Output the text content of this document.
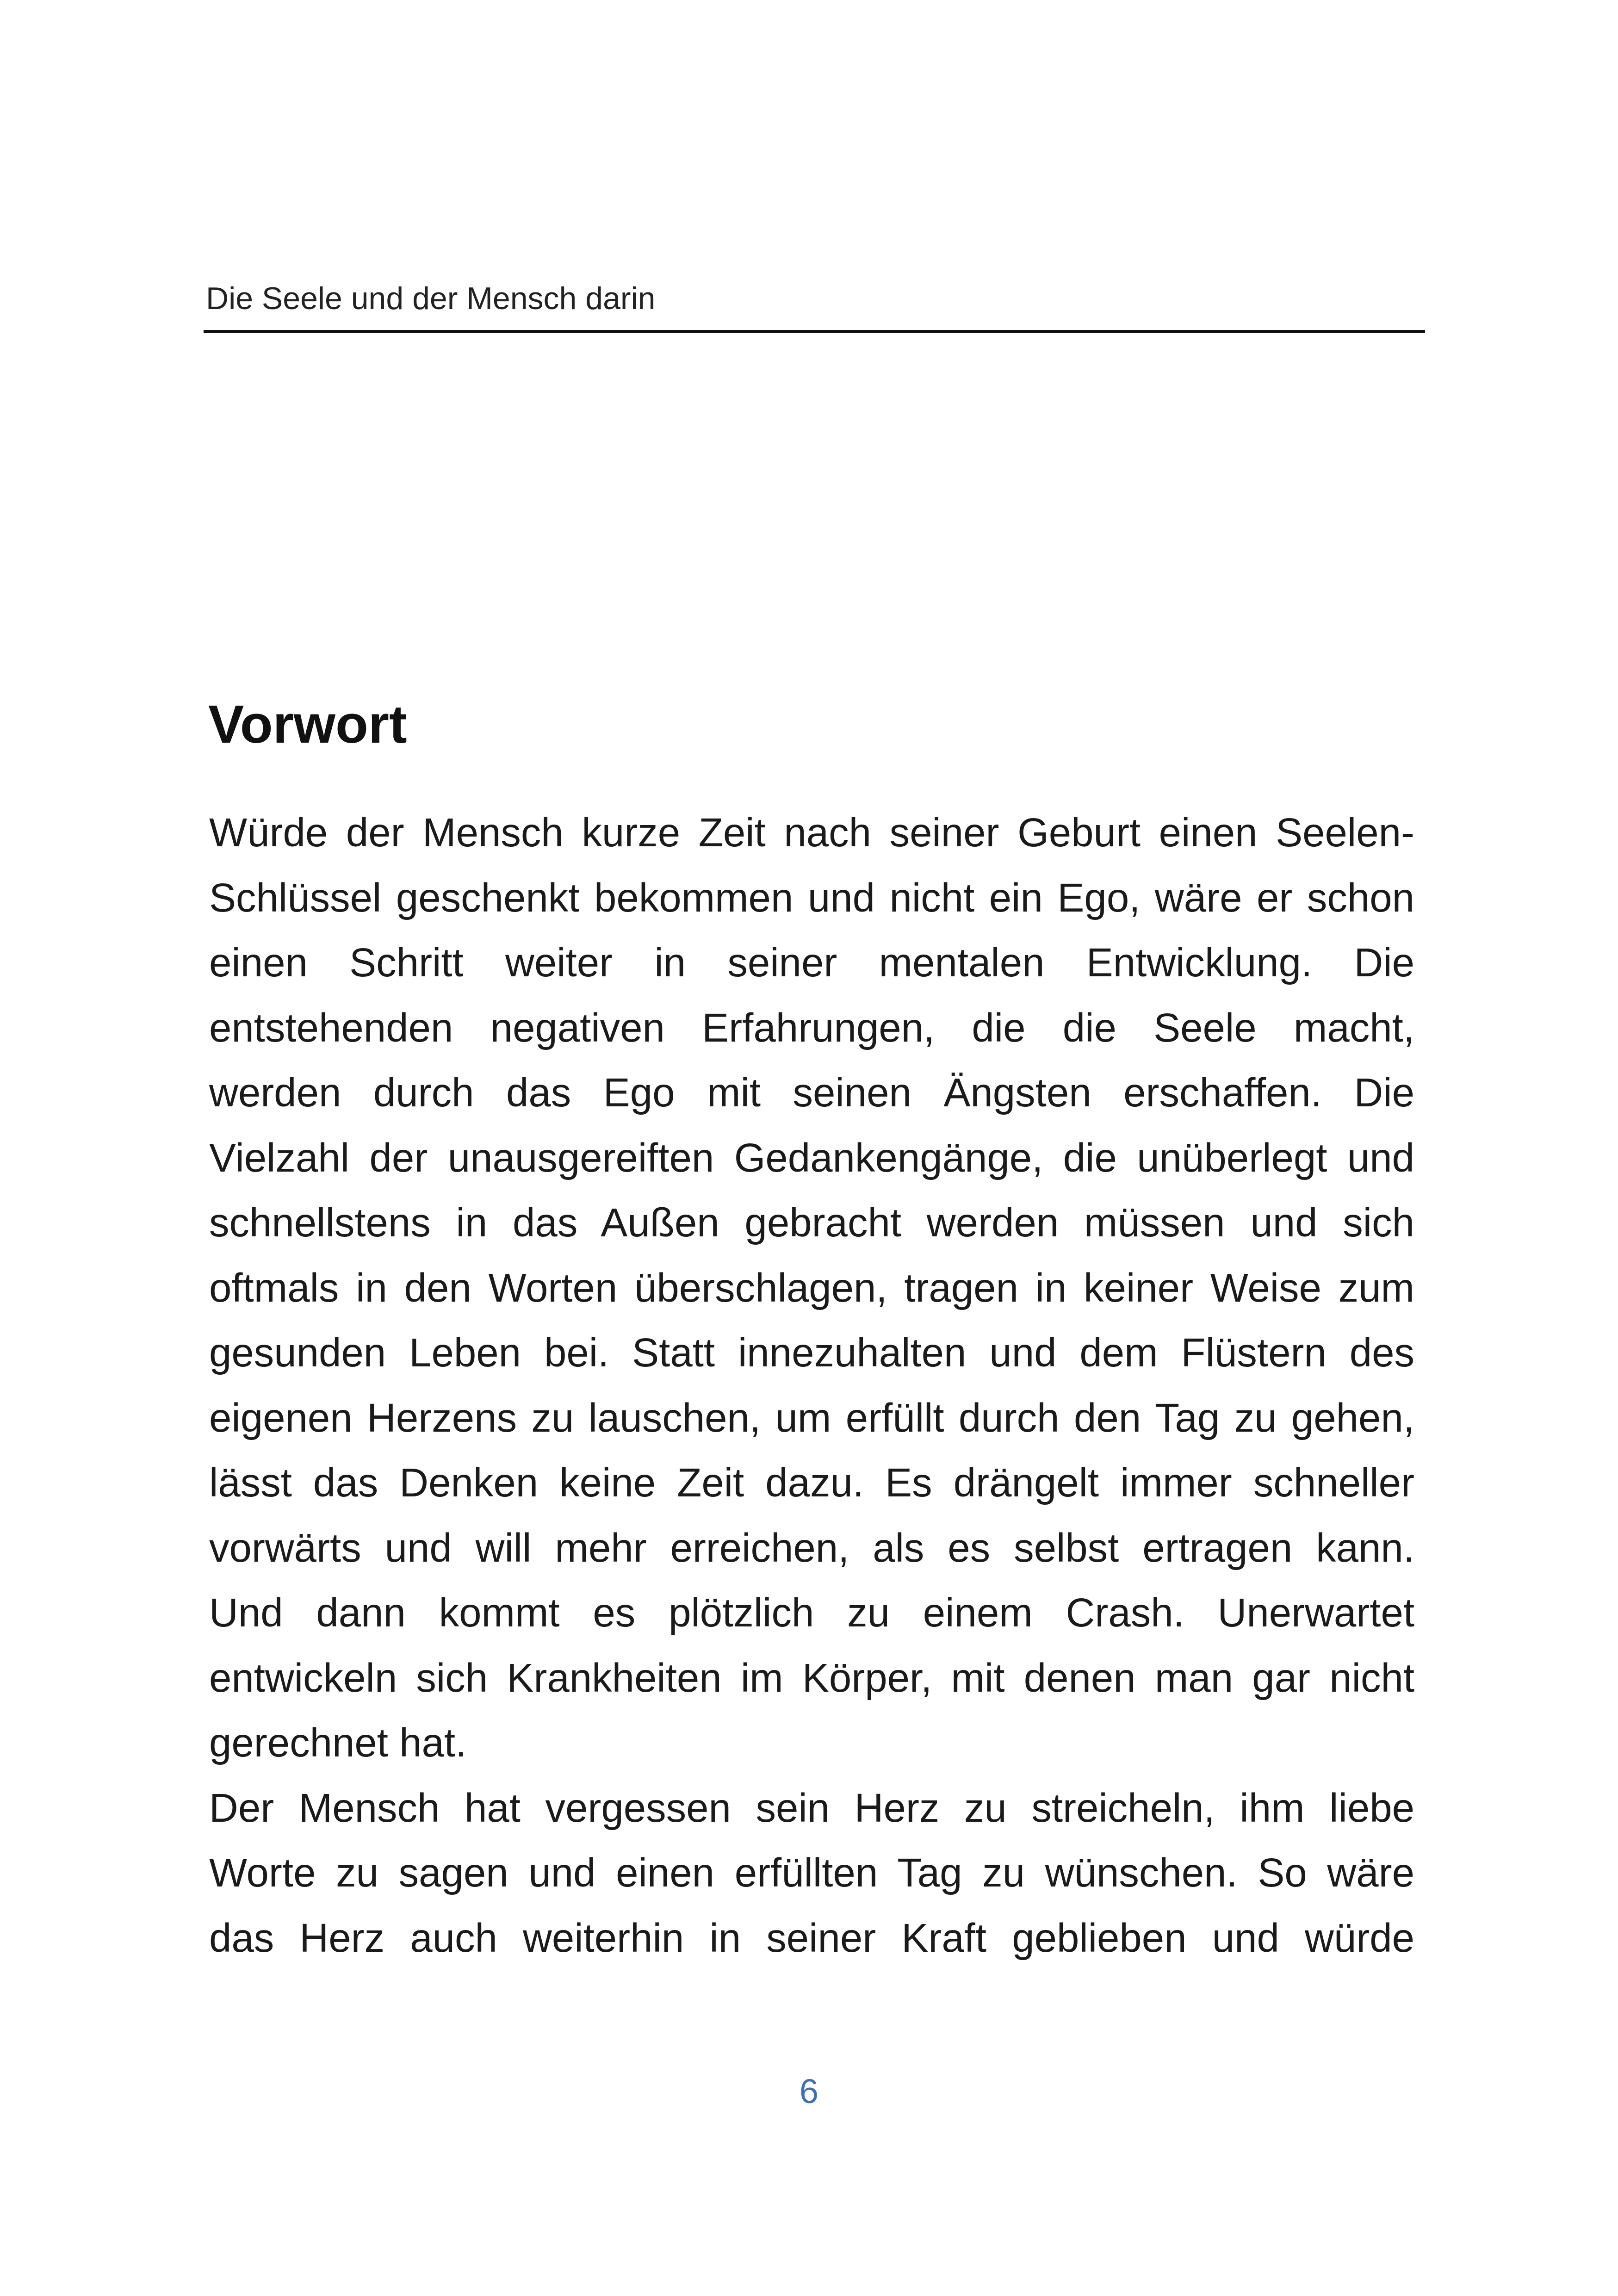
Die Seele und der Mensch darin
Vorwort
Würde der Mensch kurze Zeit nach seiner Geburt einen Seelen-
Schlüssel geschenkt bekommen und nicht ein Ego, wäre er schon
einen Schritt weiter in seiner mentalen Entwicklung. Die
entstehenden negativen Erfahrungen, die die Seele macht,
werden durch das Ego mit seinen Ängsten erschaffen. Die
Vielzahl der unausgereiften Gedankengänge, die unüberlegt und
schnellstens in das Außen gebracht werden müssen und sich
oftmals in den Worten überschlagen, tragen in keiner Weise zum
gesunden Leben bei. Statt innezuhalten und dem Flüstern des
eigenen Herzens zu lauschen, um erfüllt durch den Tag zu gehen,
lässt das Denken keine Zeit dazu. Es drängelt immer schneller
vorwärts und will mehr erreichen, als es selbst ertragen kann.
Und dann kommt es plötzlich zu einem Crash. Unerwartet
entwickeln sich Krankheiten im Körper, mit denen man gar nicht
gerechnet hat.
Der Mensch hat vergessen sein Herz zu streicheln, ihm liebe
Worte zu sagen und einen erfüllten Tag zu wünschen. So wäre
das Herz auch weiterhin in seiner Kraft geblieben und würde
6
